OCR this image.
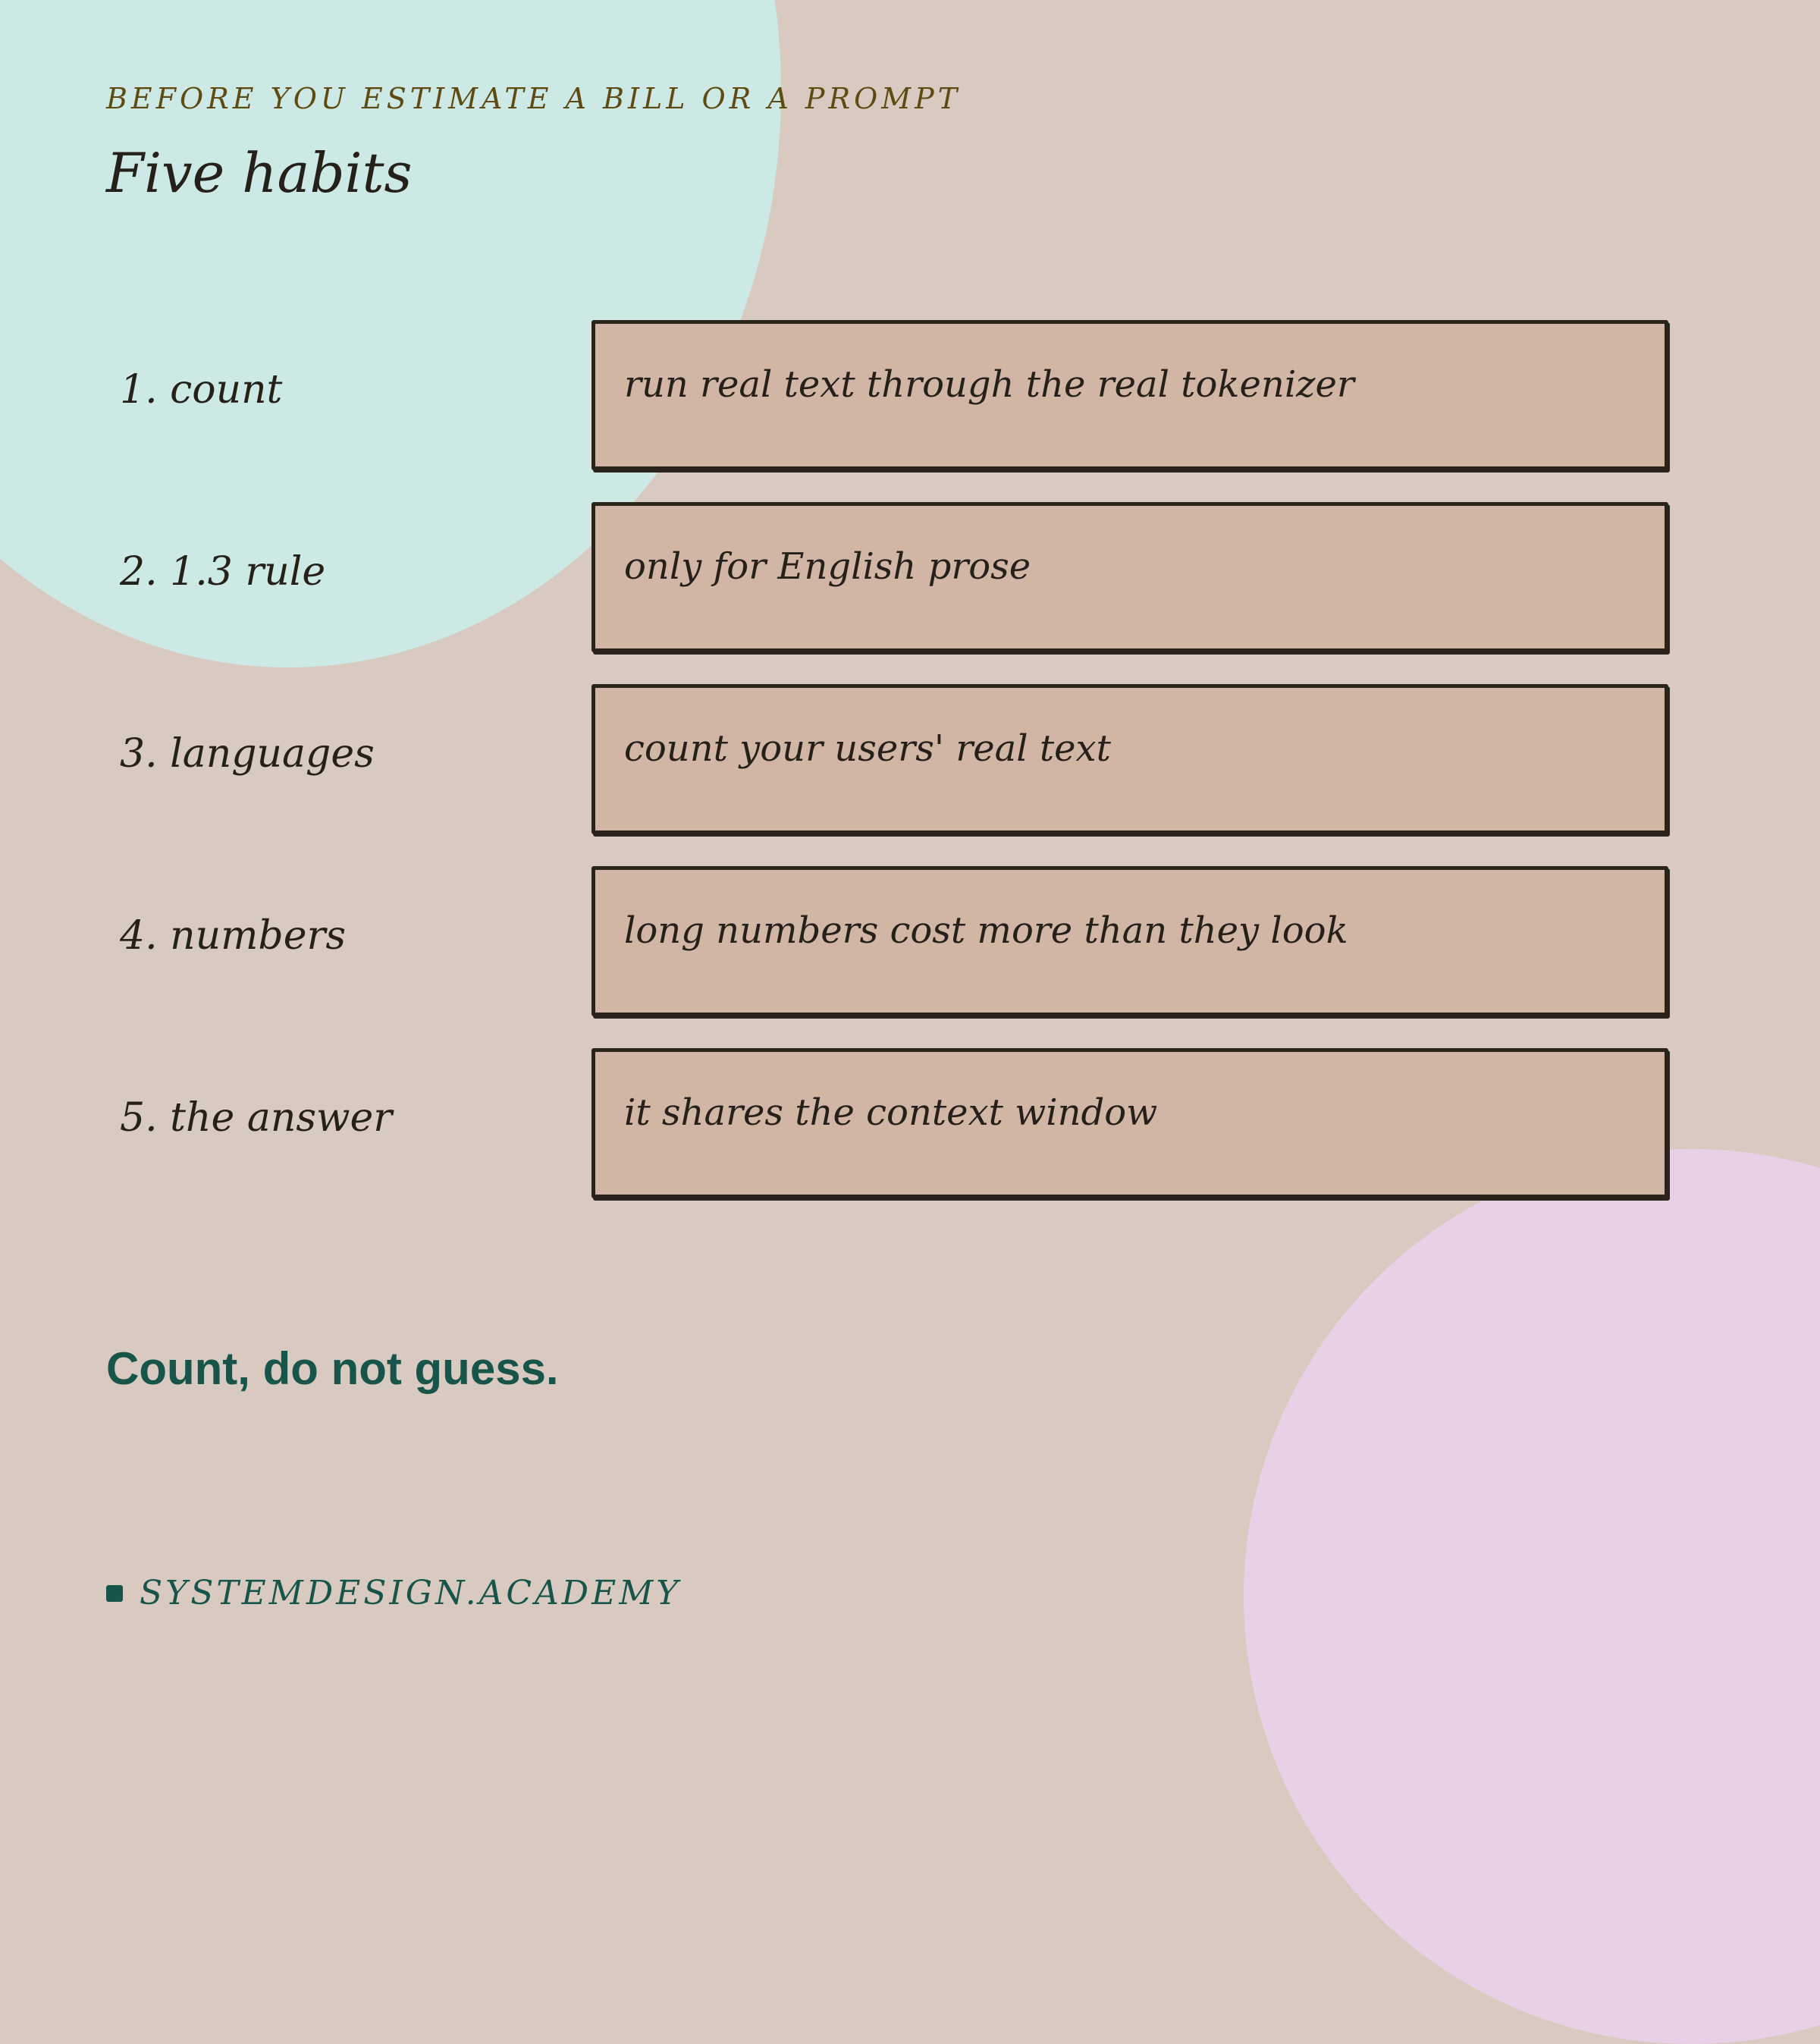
BEFORE YOU ESTIMATE A BILL OR A PROMPT
Five habits
1. count	run real text through the real tokenizer
2. 1.3 rule	only for English prose
3. languages	count your users' real text
4. numbers	long numbers cost more than they look
5. the answer	it shares the context window
Count, do not guess.
SYSTEMDESIGN.ACADEMY
